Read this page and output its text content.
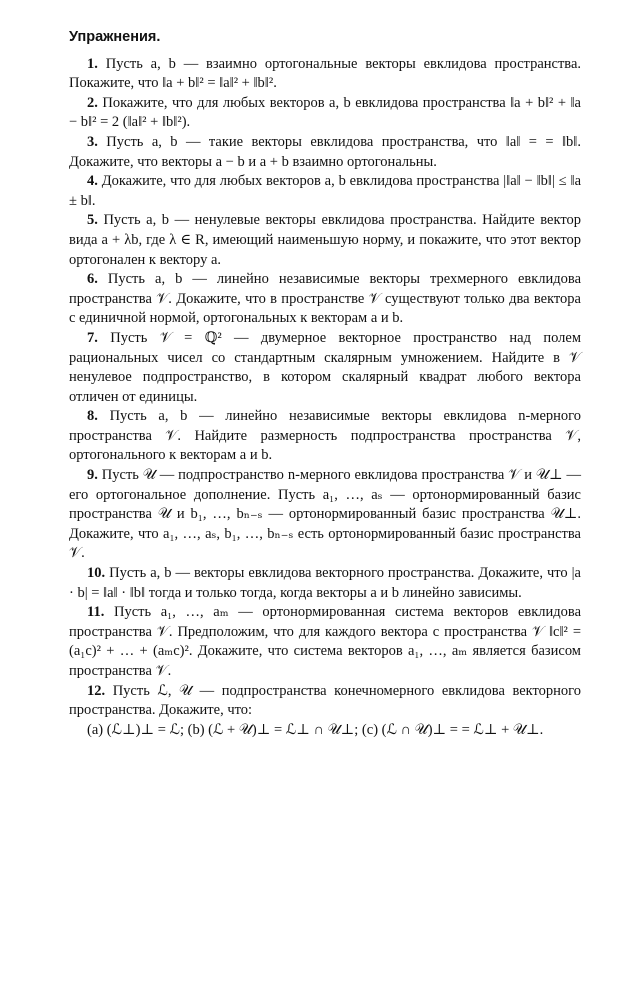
Упражнения.

1. Пусть a, b — взаимно ортогональные векторы евклидова пространства. Покажите, что ‖a + b‖² = ‖a‖² + ‖b‖².

2. Покажите, что для любых векторов a, b евклидова пространства ‖a + b‖² + ‖a − b‖² = 2 (‖a‖² + ‖b‖²).

3. Пусть a, b — такие векторы евклидова пространства, что ‖a‖ = = ‖b‖. Докажите, что векторы a − b и a + b взаимно ортогональны.

4. Докажите, что для любых векторов a, b евклидова пространства |‖a‖ − ‖b‖| ≤ ‖a ± b‖.

5. Пусть a, b — ненулевые векторы евклидова пространства. Найдите вектор вида a + λb, где λ ∈ R, имеющий наименьшую норму, и покажите, что этот вектор ортогонален к вектору a.

6. Пусть a, b — линейно независимые векторы трехмерного евклидова пространства 𝒱. Докажите, что в пространстве 𝒱 существуют только два вектора с единичной нормой, ортогональных к векторам a и b.

7. Пусть 𝒱 = ℚ² — двумерное векторное пространство над полем рациональных чисел со стандартным скалярным умножением. Найдите в 𝒱 ненулевое подпространство, в котором скалярный квадрат любого вектора отличен от единицы.

8. Пусть a, b — линейно независимые векторы евклидова n-мерного пространства 𝒱. Найдите размерность подпространства пространства 𝒱, ортогонального к векторам a и b.

9. Пусть 𝒰 — подпространство n-мерного евклидова пространства 𝒱 и 𝒰⊥ — его ортогональное дополнение. Пусть a₁, …, aₛ — ортонормированный базис пространства 𝒰 и b₁, …, bₙ₋ₛ — ортонормированный базис пространства 𝒰⊥. Докажите, что a₁, …, aₛ, b₁, …, bₙ₋ₛ есть ортонормированный базис пространства 𝒱.

10. Пусть a, b — векторы евклидова векторного пространства. Докажите, что |a · b| = ‖a‖ · ‖b‖ тогда и только тогда, когда векторы a и b линейно зависимы.

11. Пусть a₁, …, aₘ — ортонормированная система векторов евклидова пространства 𝒱. Предположим, что для каждого вектора c пространства 𝒱 ‖c‖² = (a₁c)² + … + (aₘc)². Докажите, что система векторов a₁, …, aₘ является базисом пространства 𝒱.

12. Пусть ℒ, 𝒰 — подпространства конечномерного евклидова векторного пространства. Докажите, что:

(a) (ℒ⊥)⊥ = ℒ; (b) (ℒ + 𝒰)⊥ = ℒ⊥ ∩ 𝒰⊥; (c) (ℒ ∩ 𝒰)⊥ = = ℒ⊥ + 𝒰⊥.
